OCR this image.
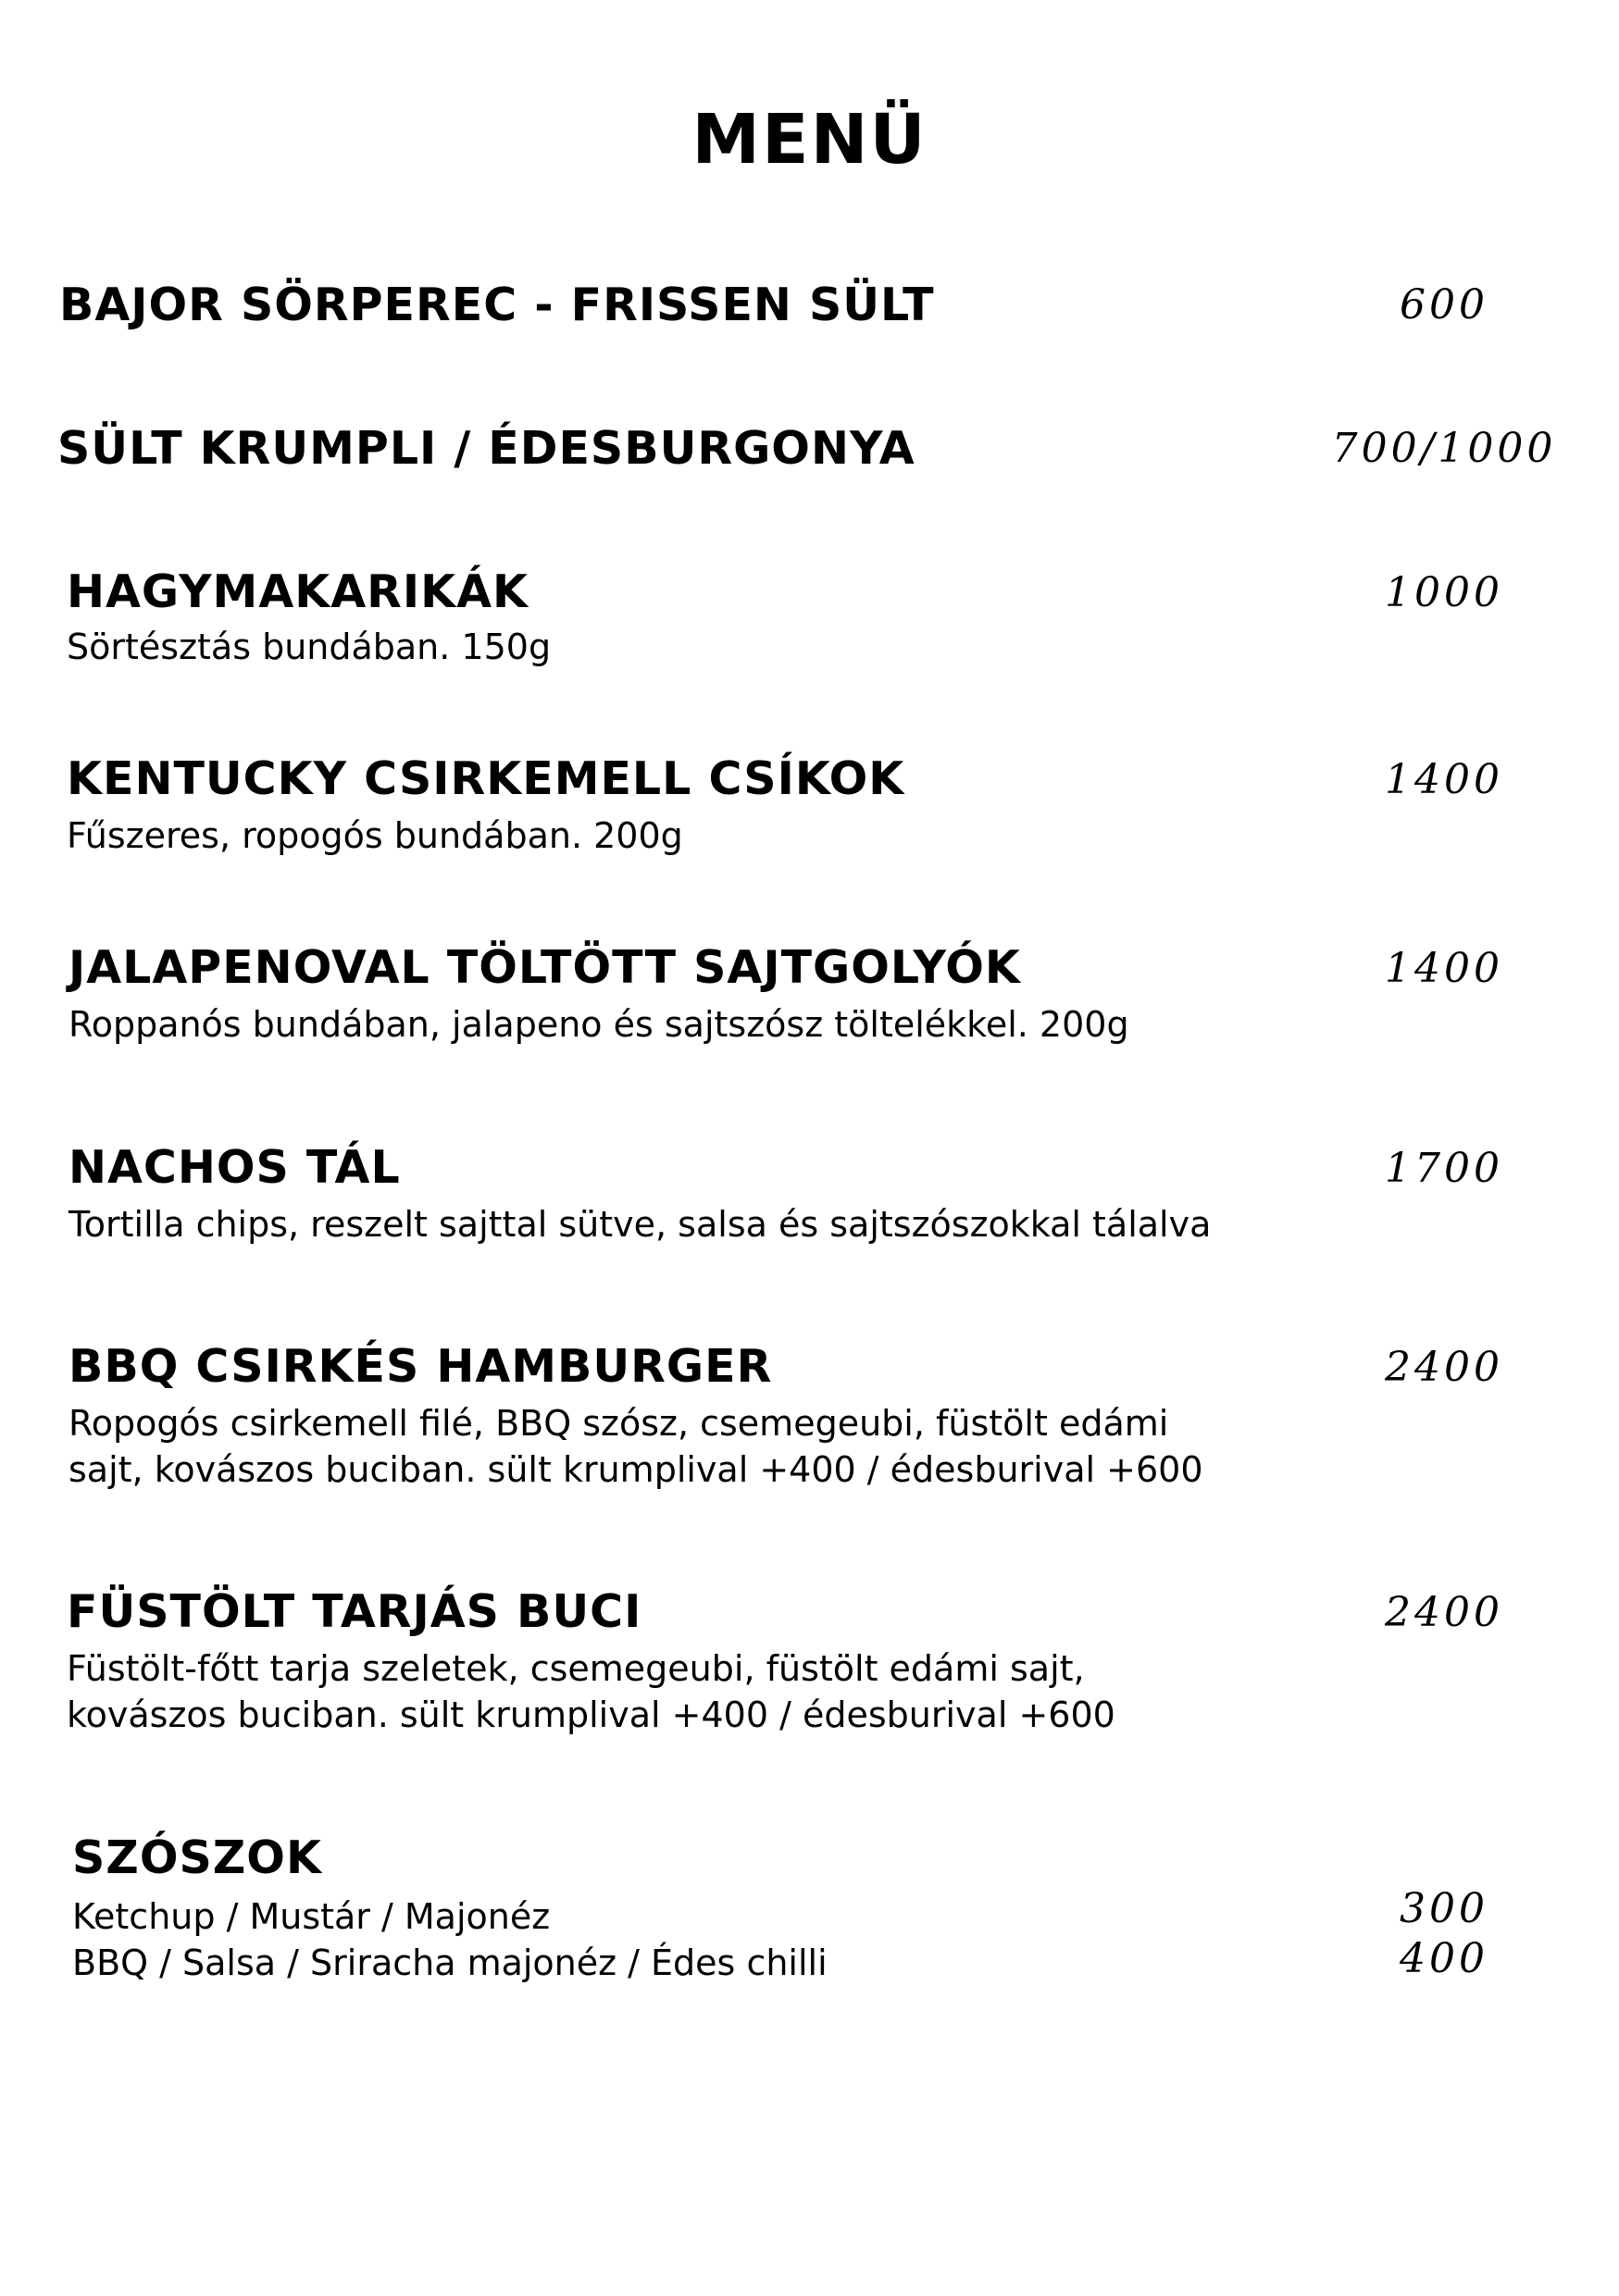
MENÜ

BAJOR SÖRPEREC - FRISSEN SÜLT	600

SÜLT KRUMPLI / ÉDESBURGONYA	700/1000

HAGYMAKARIKÁK

Sörtésztás bundában. 150g

1000

KENTUCKY CSIRKEMELL CSÍKOK

Fűszeres, ropogós bundában. 200g

1400

JALAPENOVAL TÖLTÖTT SAJTGOLYÓK

Roppanós bundában, jalapeno és sajtszósz töltelékkel. 200g

1400

NACHOS TÁL

Tortilla chips, reszelt sajttal sütve, salsa és sajtszószokkal tálalva

1700

BBQ CSIRKÉS HAMBURGER

Ropogós csirkemell filé, BBQ szósz, csemegeubi, füstölt edámi

sajt, kovászos buciban. sült krumplival +400 / édesburival +600

2400

FÜSTÖLT TARJÁS BUCI

Füstölt-főtt tarja szeletek, csemegeubi, füstölt edámi sajt,

kovászos buciban. sült krumplival +400 / édesburival +600

2400

SZÓSZOK

Ketchup / Mustár / Majonéz

BBQ / Salsa / Sriracha majonéz / Édes chilli

300
400
